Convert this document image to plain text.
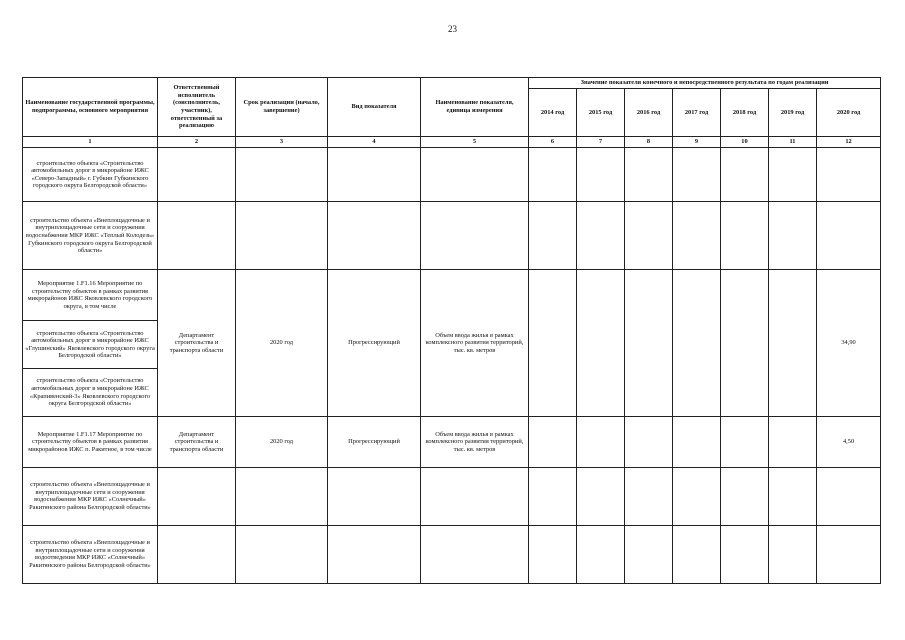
23
Наименование государственной программы, подпрограммы, основного мероприятия	Ответственный исполнитель (соисполнитель, участник), ответственный за реализацию	Срок реализации (начало, завершение)	Вид показателя	Наименование показателя, единица измерения	Значение показателя конечного и непосредственного результата по годам реализации						
					2014 год	2015 год	2016 год	2017 год	2018 год	2019 год	2020 год
1	2	3	4	5	6	7	8	9	10	11	12
строительство объекта «Строительство автомобильных дорог в микрорайоне ИЖС «Северо-Западный» г. Губкин Губкинского городского округа Белгородской области»											
строительство объекта «Внеплощадочные и внутриплощадочные сети и сооружения водоснабжения МКР ИЖС «Теплый Колодезь» Губкинского городского округа Белгородской области»											
Мероприятие 1.F1.16 Мероприятие по строительству объектов в рамках развития микрорайонов ИЖС Яковлевского городского округа, в том числе	Департамент строительства и транспорта области	2020 год	Прогрессирующий	Объем ввода жилья в рамках комплексного развития территорий, тыс. кв. метров							34,90
строительство объекта «Строительство автомобильных дорог в микрорайоне ИЖС «Глушинский» Яковлевского городского округа Белгородской области»											
строительство объекта «Строительство автомобильных дорог в микрорайоне ИЖС «Крапивенский-3» Яковлевского городского округа Белгородской области»											
Мероприятие 1.F1.17 Мероприятие по строительству объектов в рамках развития микрорайонов ИЖС п. Ракитное, в том числе	Департамент строительства и транспорта области	2020 год	Прогрессирующий	Объем ввода жилья в рамках комплексного развития территорий, тыс. кв. метров							4,50
строительство объекта «Внеплощадочные и внутриплощадочные сети и сооружения водоснабжения МКР ИЖС «Солнечный» Ракитянского района Белгородской области»											
строительство объекта «Внеплощадочные и внутриплощадочные сети и сооружения водоотведения МКР ИЖС «Солнечный» Ракитянского района Белгородской области»											
